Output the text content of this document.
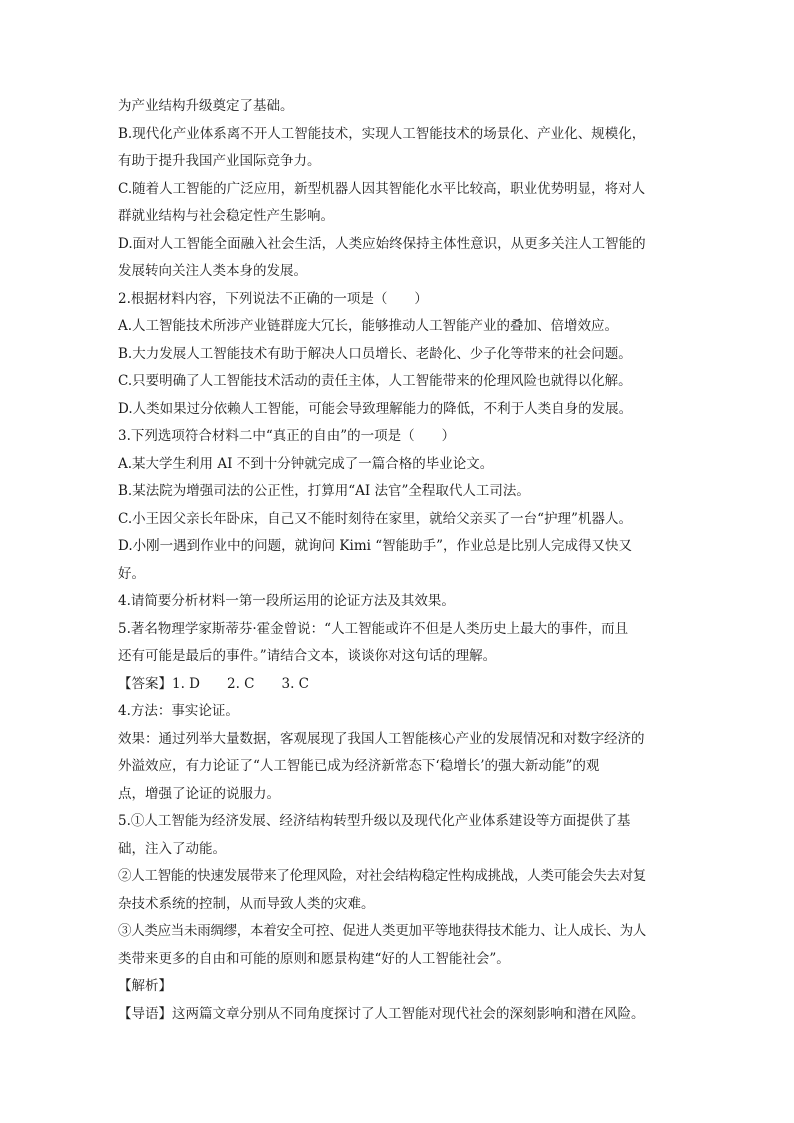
为产业结构升级奠定了基础。
B.现代化产业体系离不开人工智能技术，实现人工智能技术的场景化、产业化、规模化，
有助于提升我国产业国际竞争力。
C.随着人工智能的广泛应用，新型机器人因其智能化水平比较高，职业优势明显，将对人
群就业结构与社会稳定性产生影响。
D.面对人工智能全面融入社会生活，人类应始终保持主体性意识，从更多关注人工智能的
发展转向关注人类本身的发展。
2.根据材料内容，下列说法不正确的一项是（　　）
A.人工智能技术所涉产业链群庞大冗长，能够推动人工智能产业的叠加、倍增效应。
B.大力发展人工智能技术有助于解决人口员增长、老龄化、少子化等带来的社会问题。
C.只要明确了人工智能技术活动的责任主体，人工智能带来的伦理风险也就得以化解。
D.人类如果过分依赖人工智能，可能会导致理解能力的降低，不利于人类自身的发展。
3.下列选项符合材料二中“真正的自由”的一项是（　　）
A.某大学生利用 AI 不到十分钟就完成了一篇合格的毕业论文。
B.某法院为增强司法的公正性，打算用“AI 法官”全程取代人工司法。
C.小王因父亲长年卧床，自己又不能时刻待在家里，就给父亲买了一台“护理”机器人。
D.小刚一遇到作业中的问题，就询问 Kimi “智能助手”，作业总是比别人完成得又快又
好。
4.请简要分析材料一第一段所运用的论证方法及其效果。
5.著名物理学家斯蒂芬·霍金曾说：“人工智能或许不但是人类历史上最大的事件，而且
还有可能是最后的事件。”请结合文本，谈谈你对这句话的理解。
【答案】1. D　　2. C　　3. C
4.方法：事实论证。
效果：通过列举大量数据，客观展现了我国人工智能核心产业的发展情况和对数字经济的
外溢效应，有力论证了“人工智能已成为经济新常态下‘稳增长’的强大新动能”的观
点，增强了论证的说服力。
5.①人工智能为经济发展、经济结构转型升级以及现代化产业体系建设等方面提供了基
础，注入了动能。
②人工智能的快速发展带来了伦理风险，对社会结构稳定性构成挑战，人类可能会失去对复
杂技术系统的控制，从而导致人类的灾难。
③人类应当未雨绸缪，本着安全可控、促进人类更加平等地获得技术能力、让人成长、为人
类带来更多的自由和可能的原则和愿景构建“好的人工智能社会”。
【解析】
【导语】这两篇文章分别从不同角度探讨了人工智能对现代社会的深刻影响和潜在风险。
